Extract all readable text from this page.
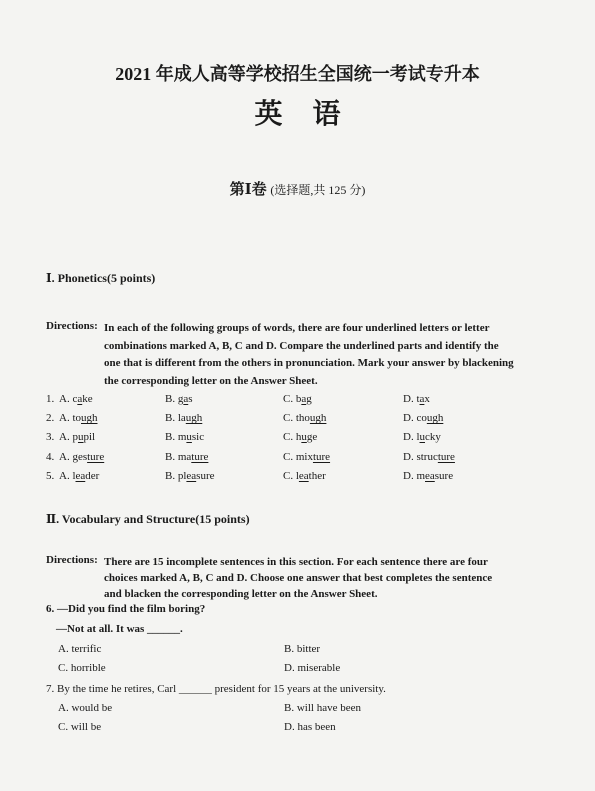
2021 年成人高等学校招生全国统一考试专升本
英语
第Ⅰ卷 (选择题,共 125 分)
Ⅰ. Phonetics(5 points)
Directions: In each of the following groups of words, there are four underlined letters or letter
combinations marked A, B, C and D. Compare the underlined parts and identify the
one that is different from the others in pronunciation. Mark your answer by blackening
the corresponding letter on the Answer Sheet.
1. A. cake	B. gas	C. bag	D. tax
2. A. tough	B. laugh	C. though	D. cough
3. A. pupil	B. music	C. huge	D. lucky
4. A. gesture	B. mature	C. mixture	D. structure
5. A. leader	B. pleasure	C. leather	D. measure
Ⅱ. Vocabulary and Structure(15 points)
Directions: There are 15 incomplete sentences in this section. For each sentence there are four
choices marked A, B, C and D. Choose one answer that best completes the sentence
and blacken the corresponding letter on the Answer Sheet.
6. —Did you find the film boring?
—Not at all. It was ______.
A. terrific	B. bitter
C. horrible	D. miserable
7. By the time he retires, Carl ______ president for 15 years at the university.
A. would be	B. will have been
C. will be	D. has been
